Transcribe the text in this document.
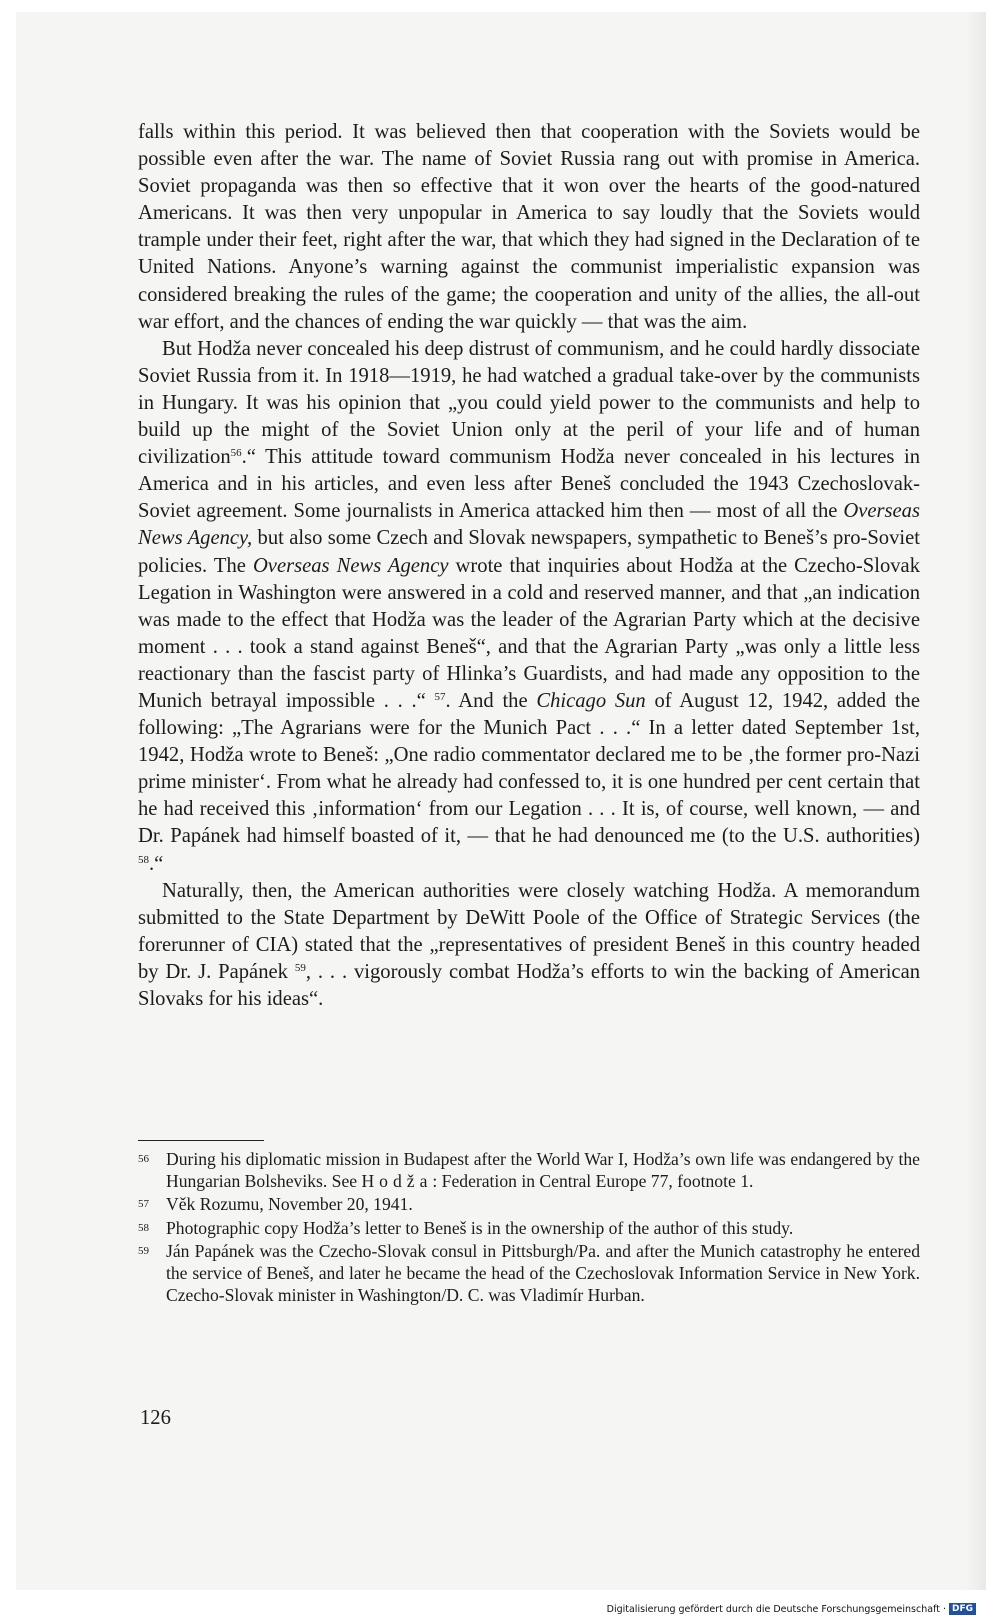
falls within this period. It was believed then that cooperation with the Soviets would be possible even after the war. The name of Soviet Russia rang out with promise in America. Soviet propaganda was then so effective that it won over the hearts of the good-natured Americans. It was then very unpopular in America to say loudly that the Soviets would trample under their feet, right after the war, that which they had signed in the Declaration of te United Nations. Anyone’s warning against the communist imperialistic expansion was considered breaking the rules of the game; the cooperation and unity of the allies, the all-out war effort, and the chances of ending the war quickly — that was the aim.

But Hodža never concealed his deep distrust of communism, and he could hardly dissociate Soviet Russia from it. In 1918—1919, he had watched a gradual take-over by the communists in Hungary. It was his opinion that „you could yield power to the communists and help to build up the might of the Soviet Union only at the peril of your life and of human civilization$^{56}$.“ This attitude toward communism Hodža never concealed in his lectures in America and in his articles, and even less after Beneš concluded the 1943 Czechoslovak-Soviet agreement. Some journalists in America attacked him then — most of all the Overseas News Agency, but also some Czech and Slovak newspapers, sympathetic to Beneš’s pro-Soviet policies. The Overseas News Agency wrote that inquiries about Hodža at the Czecho-Slovak Legation in Washington were answered in a cold and reserved manner, and that „an indication was made to the effect that Hodža was the leader of the Agrarian Party which at the decisive moment . . . took a stand against Beneš“, and that the Agrarian Party „was only a little less reactionary than the fascist party of Hlinka’s Guardists, and had made any opposition to the Munich betrayal impossible . . .“ $^{57}$. And the Chicago Sun of August 12, 1942, added the following: „The Agrarians were for the Munich Pact . . .“ In a letter dated September 1st, 1942, Hodža wrote to Beneš: „One radio commentator declared me to be ‚the former pro-Nazi prime minister‘. From what he already had confessed to, it is one hundred per cent certain that he had received this ‚information‘ from our Legation . . . It is, of course, well known, — and Dr. Papánek had himself boasted of it, — that he had denounced me (to the U.S. authorities) $^{58}$.“

Naturally, then, the American authorities were closely watching Hodža. A memorandum submitted to the State Department by DeWitt Poole of the Office of Strategic Services (the forerunner of CIA) stated that the „representatives of president Beneš in this country headed by Dr. J. Papánek $^{59}$, . . . vigorously combat Hodža’s efforts to win the backing of American Slovaks for his ideas“.

56 During his diplomatic mission in Budapest after the World War I, Hodža’s own life was endangered by the Hungarian Bolsheviks. See Hodža: Federation in Central Europe 77, footnote 1.
57 Věk Rozumu, November 20, 1941.
58 Photographic copy Hodža’s letter to Beneš is in the ownership of the author of this study.
59 Ján Papánek was the Czecho-Slovak consul in Pittsburgh/Pa. and after the Munich catastrophy he entered the service of Beneš, and later he became the head of the Czechoslovak Information Service in New York. Czecho-Slovak minister in Washington/D. C. was Vladimír Hurban.
126
Digitalisierung gefördert durch die Deutsche Forschungsgemeinschaft · DFG
